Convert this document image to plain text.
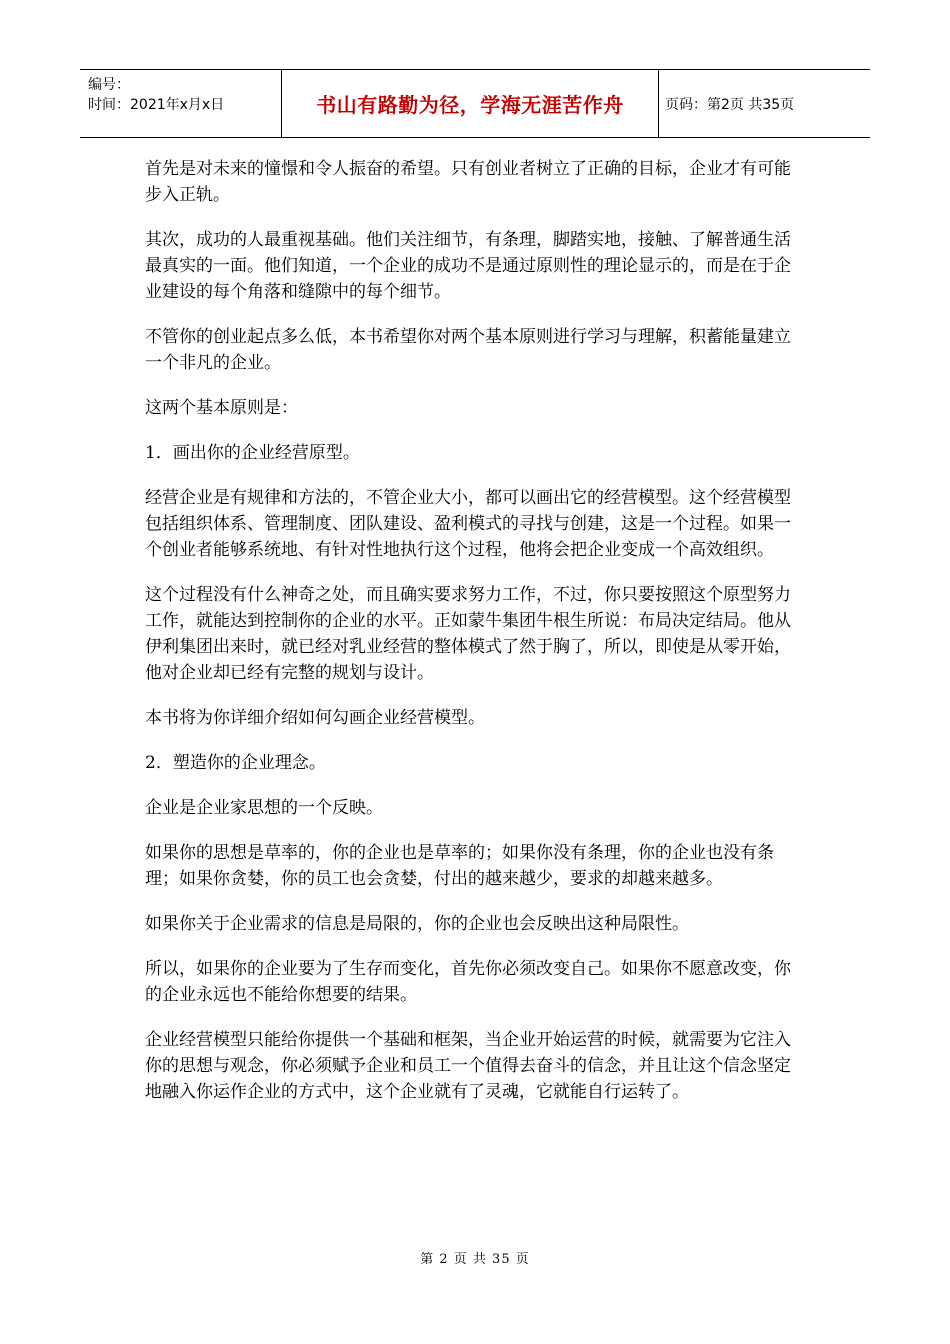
编号：
时间：2021年x月x日	书山有路勤为径，学海无涯苦作舟	页码：第2页 共35页

首先是对未来的憧憬和令人振奋的希望。只有创业者树立了正确的目标，企业才有可能步入正轨。

其次，成功的人最重视基础。他们关注细节，有条理，脚踏实地，接触、了解普通生活最真实的一面。他们知道，一个企业的成功不是通过原则性的理论显示的，而是在于企业建设的每个角落和缝隙中的每个细节。

不管你的创业起点多么低，本书希望你对两个基本原则进行学习与理解，积蓄能量建立一个非凡的企业。

这两个基本原则是：

1．画出你的企业经营原型。

经营企业是有规律和方法的，不管企业大小，都可以画出它的经营模型。这个经营模型包括组织体系、管理制度、团队建设、盈利模式的寻找与创建，这是一个过程。如果一个创业者能够系统地、有针对性地执行这个过程，他将会把企业变成一个高效组织。

这个过程没有什么神奇之处，而且确实要求努力工作，不过，你只要按照这个原型努力工作，就能达到控制你的企业的水平。正如蒙牛集团牛根生所说：布局决定结局。他从伊利集团出来时，就已经对乳业经营的整体模式了然于胸了，所以，即使是从零开始，他对企业却已经有完整的规划与设计。

本书将为你详细介绍如何勾画企业经营模型。

2．塑造你的企业理念。

企业是企业家思想的一个反映。

如果你的思想是草率的，你的企业也是草率的；如果你没有条理，你的企业也没有条理；如果你贪婪，你的员工也会贪婪，付出的越来越少，要求的却越来越多。

如果你关于企业需求的信息是局限的，你的企业也会反映出这种局限性。

所以，如果你的企业要为了生存而变化，首先你必须改变自己。如果你不愿意改变，你的企业永远也不能给你想要的结果。

企业经营模型只能给你提供一个基础和框架，当企业开始运营的时候，就需要为它注入你的思想与观念，你必须赋予企业和员工一个值得去奋斗的信念，并且让这个信念坚定地融入你运作企业的方式中，这个企业就有了灵魂，它就能自行运转了。

第 2 页 共 35 页
